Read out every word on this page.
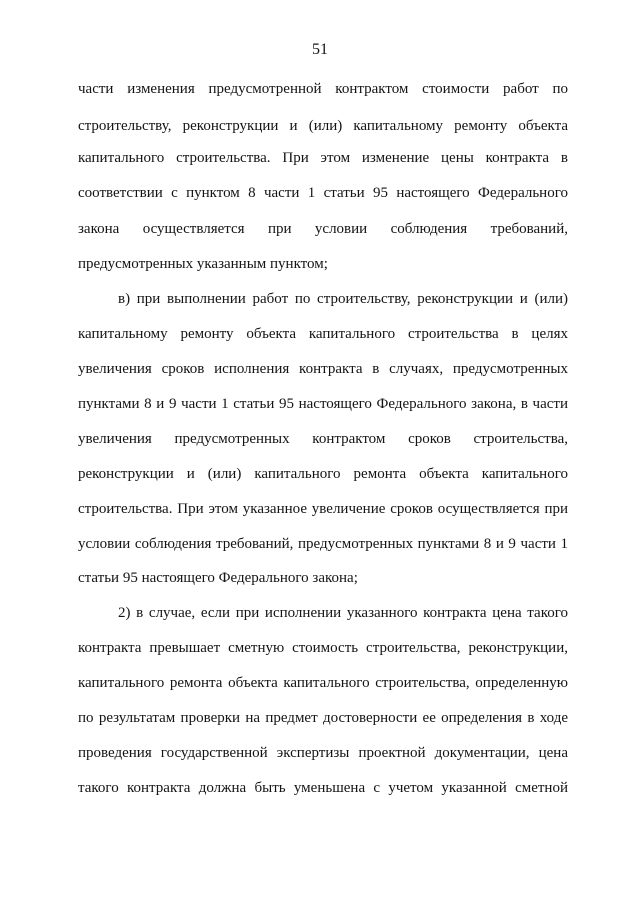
51
части изменения предусмотренной контрактом стоимости работ по
строительству, реконструкции и (или) капитальному ремонту объекта
капитального строительства. При этом изменение цены контракта в
соответствии с пунктом 8 части 1 статьи 95 настоящего Федерального
закона осуществляется при условии соблюдения требований,
предусмотренных указанным пунктом;
в) при выполнении работ по строительству, реконструкции и (или)
капитальному ремонту объекта капитального строительства в целях
увеличения сроков исполнения контракта в случаях, предусмотренных
пунктами 8 и 9 части 1 статьи 95 настоящего Федерального закона, в части
увеличения предусмотренных контрактом сроков строительства,
реконструкции и (или) капитального ремонта объекта капитального
строительства. При этом указанное увеличение сроков осуществляется при
условии соблюдения требований, предусмотренных пунктами 8 и 9 части 1
статьи 95 настоящего Федерального закона;
2) в случае, если при исполнении указанного контракта цена такого
контракта превышает сметную стоимость строительства, реконструкции,
капитального ремонта объекта капитального строительства, определенную
по результатам проверки на предмет достоверности ее определения в ходе
проведения государственной экспертизы проектной документации, цена
такого контракта должна быть уменьшена с учетом указанной сметной
